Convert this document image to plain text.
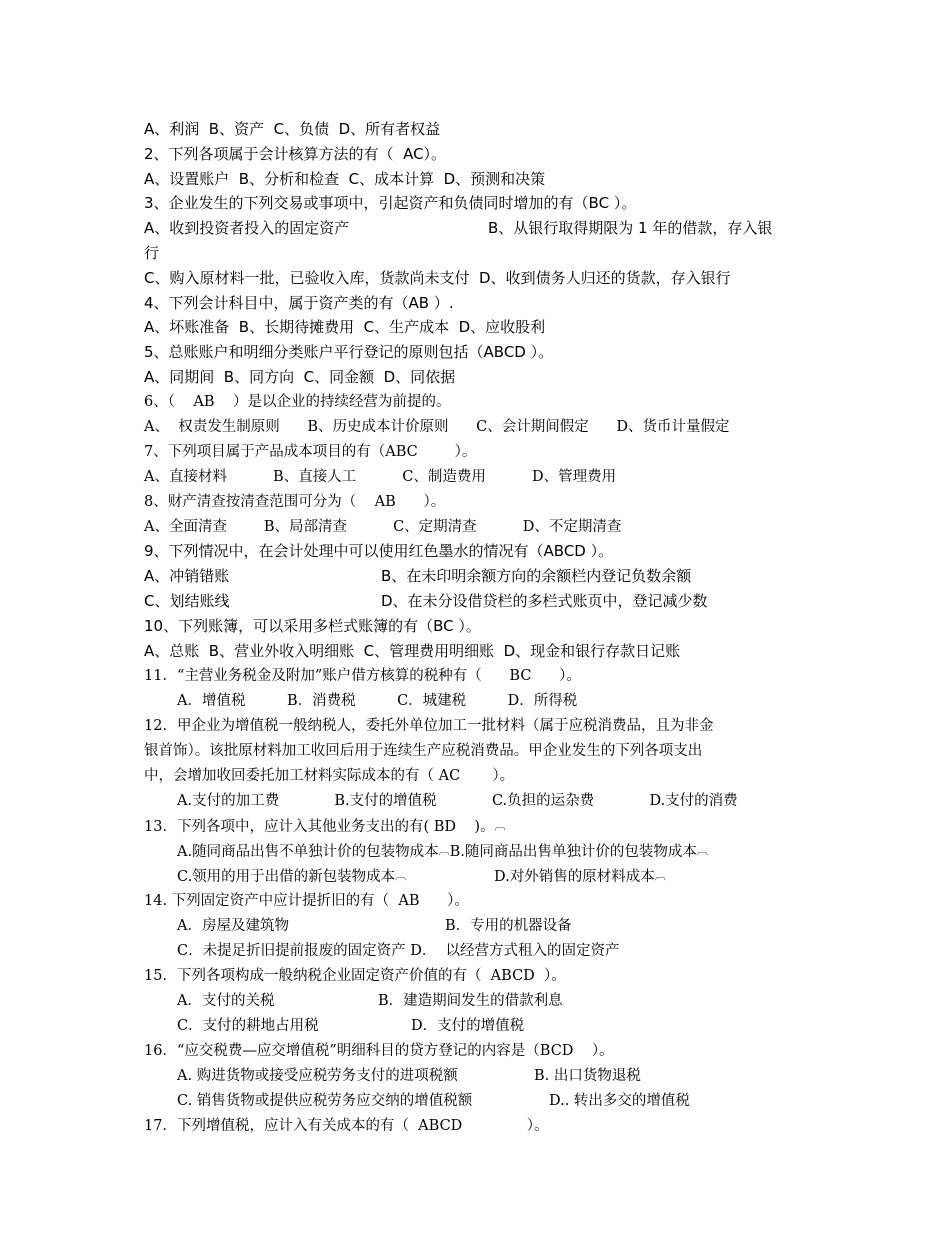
A、利润  B、资产  C、负债  D、所有者权益
2、下列各项属于会计核算方法的有（  AC）。
A、设置账户  B、分析和检查  C、成本计算  D、预测和决策
3、企业发生的下列交易或事项中，引起资产和负债同时增加的有（BC ）。
A、收到投资者投入的固定资产	B、从银行取得期限为 1 年的借款，存入银
行
C、购入原材料一批，已验收入库，货款尚未支付  D、收到债务人归还的货款，存入银行
4、下列会计科目中，属于资产类的有（AB ）.
A、坏账准备  B、长期待摊费用  C、生产成本  D、应收股利
5、总账账户和明细分类账户平行登记的原则包括（ABCD ）。
A、同期间  B、同方向  C、同金额  D、同依据
6、（    AB    ）是以企业的持续经营为前提的。
A、  权责发生制原则      B、历史成本计价原则      C、会计期间假定      D、货币计量假定
7、下列项目属于产品成本项目的有（ABC        ）。
A、直接材料          B、直接人工          C、制造费用          D、管理费用
8、财产清查按清查范围可分为（    AB      ）。
A、全面清查        B、局部清查          C、定期清查          D、不定期清查
9、下列情况中，在会计处理中可以使用红色墨水的情况有（ABCD ）。
A、冲销错账	B、在未印明余额方向的余额栏内登记负数余额
C、划结账线	D、在未分设借贷栏的多栏式账页中，登记减少数
10、下列账簿，可以采用多栏式账簿的有（BC ）。
A、总账  B、营业外收入明细账  C、管理费用明细账  D、现金和银行存款日记账
11．“主营业务税金及附加”账户借方核算的税种有（      BC      ）。
A．增值税         B．消费税         C．城建税         D．所得税
12．甲企业为增值税一般纳税人，委托外单位加工一批材料（属于应税消费品，且为非金
银首饰）。该批原材料加工收回后用于连续生产应税消费品。甲企业发生的下列各项支出
中，会增加收回委托加工材料实际成本的有（ AC       ）。
A.支付的加工费            B.支付的增值税            C.负担的运杂费            D.支付的消费
13．下列各项中，应计入其他业务支出的有( BD    )。︹
A.随同商品出售不单独计价的包装物成本︹B.随同商品出售单独计价的包装物成本︹
C.领用的用于出借的新包装物成本︹	D.对外销售的原材料成本︹
14. 下列固定资产中应计提折旧的有（  AB      ）。
A．房屋及建筑物	B．专用的机器设备
C．未提足折旧提前报废的固定资产 D．  以经营方式租入的固定资产
15．下列各项构成一般纳税企业固定资产价值的有（  ABCD  ）。
A．支付的关税	B．建造期间发生的借款利息
C．支付的耕地占用税	D．支付的增值税
16．“应交税费—应交增值税”明细科目的贷方登记的内容是（BCD    ）。
A. 购进货物或接受应税劳务支付的进项税额	B. 出口货物退税
C. 销售货物或提供应税劳务应交纳的增值税额	D.. 转出多交的增值税
17．下列增值税，应计入有关成本的有（  ABCD              ）。
